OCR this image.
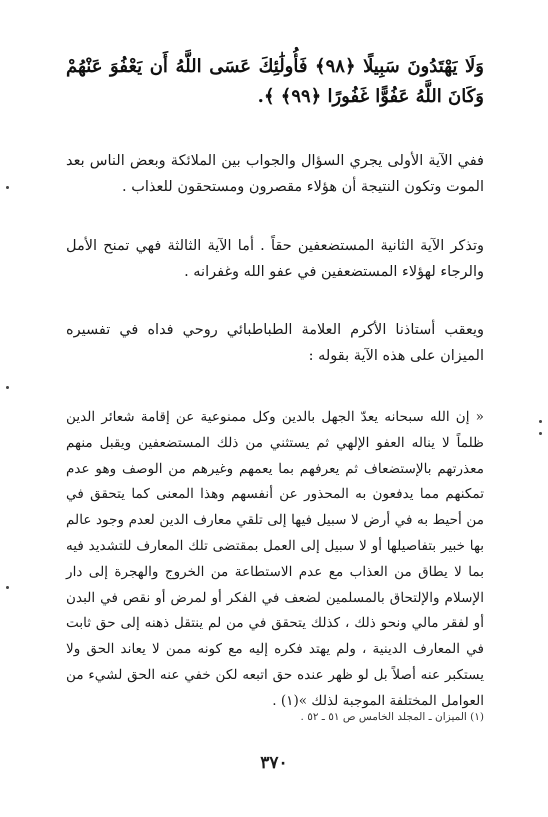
وَلَا يَهْتَدُونَ سَبِيلًا ﴿٩٨﴾ فَأُولَٰئِكَ عَسَى اللَّهُ أَن يَعْفُوَ عَنْهُمْ وَكَانَ اللَّهُ عَفُوًّا غَفُورًا ﴿٩٩﴾ ﴾.
ففي الآية الأولى يجري السؤال والجواب بين الملائكة وبعض الناس بعد الموت وتكون النتيجة أن هؤلاء مقصرون ومستحقون للعذاب .
وتذكر الآية الثانية المستضعفين حقاً . أما الآية الثالثة فهي تمنح الأمل والرجاء لهؤلاء المستضعفين في عفو الله وغفرانه .
ويعقب أستاذنا الأكرم العلامة الطباطبائي روحي فداه في تفسيره الميزان على هذه الآية بقوله :
« إن الله سبحانه يعدّ الجهل بالدين وكل ممنوعية عن إقامة شعائر الدين ظلماً لا يناله العفو الإلهي ثم يستثني من ذلك المستضعفين ويقبل منهم معذرتهم بالإستضعاف ثم يعرفهم بما يعمهم وغيرهم من الوصف وهو عدم تمكنهم مما يدفعون به المحذور عن أنفسهم وهذا المعنى كما يتحقق في من أحيط به في أرض لا سبيل فيها إلى تلقي معارف الدين لعدم وجود عالم بها خبير بتفاصيلها أو لا سبيل إلى العمل بمقتضى تلك المعارف للتشديد فيه بما لا يطاق من العذاب مع عدم الاستطاعة من الخروج والهجرة إلى دار الإسلام والإلتحاق بالمسلمين لضعف في الفكر أو لمرض أو نقص في البدن أو لفقر مالي ونحو ذلك ، كذلك يتحقق في من لم ينتقل ذهنه إلى حق ثابت في المعارف الدينية ، ولم يهتد فكره إليه مع كونه ممن لا يعاند الحق ولا يستكبر عنه أصلاً بل لو ظهر عنده حق اتبعه لكن خفي عنه الحق لشيء من العوامل المختلفة الموجبة لذلك »(١) .
(١) الميزان ـ المجلد الخامس ص ٥١ ـ ٥٢ .
٣٧٠
